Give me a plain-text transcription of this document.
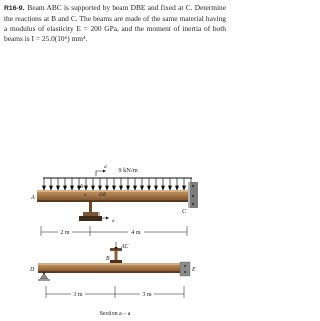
R16-9. Beam ABC is supported by beam DBE and fixed at C. Determine the reactions at B and C. The beams are made of the same material having a modulus of elasticity E = 200 GPa, and the moment of inertia of both beams is I = 25.0(10⁶) mm⁴.
9 kN/m
a
A
C
B
a DE
a
2 m	4 m
AC
B
D	E
3 m	3 m
Section a – a
